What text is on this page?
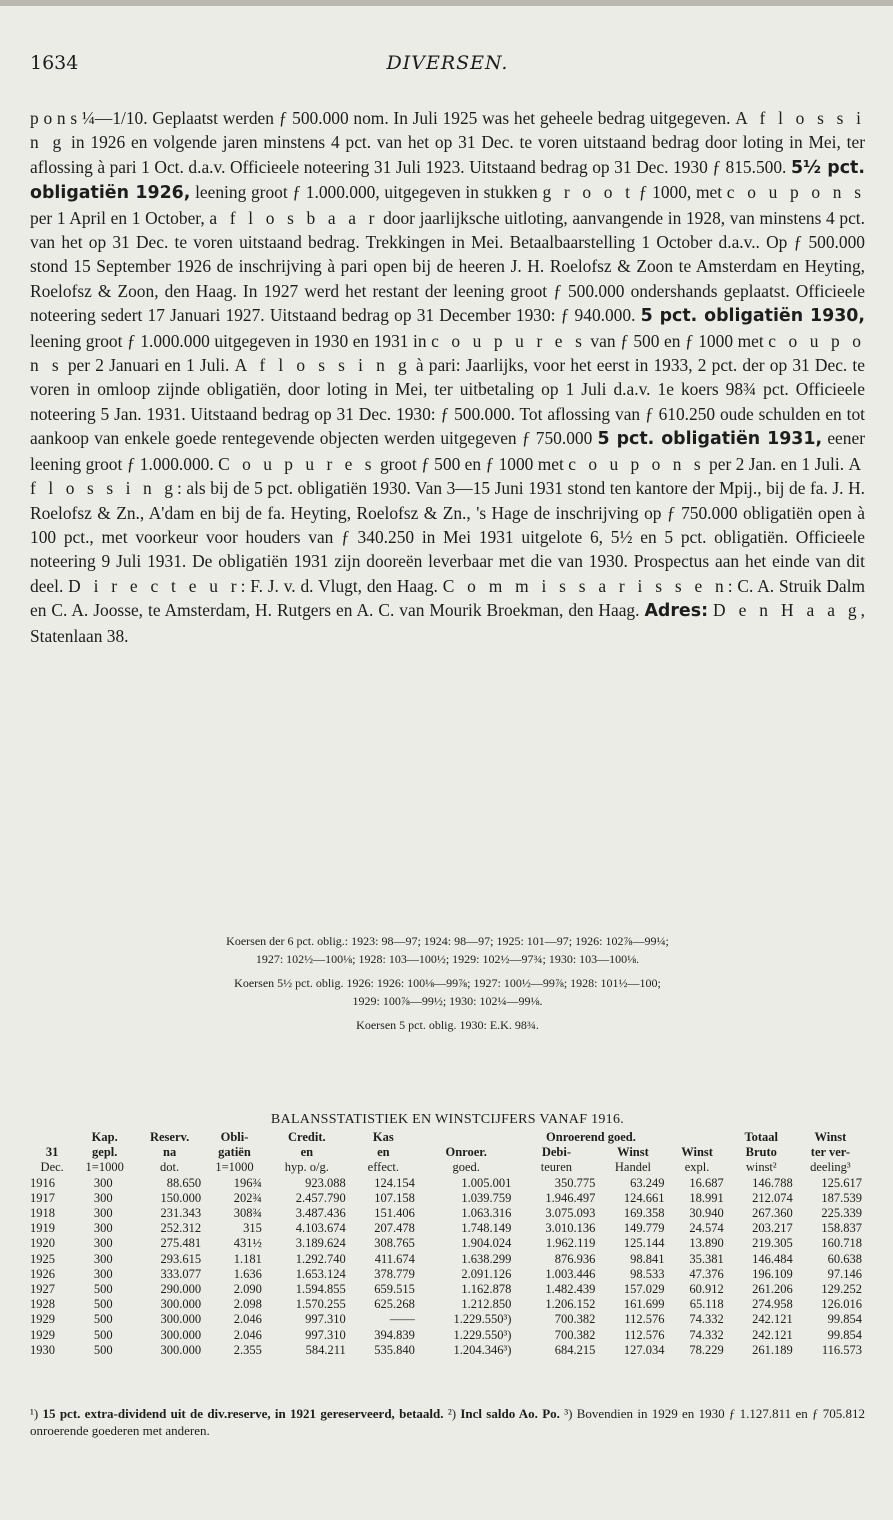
1634	DIVERSEN.
p o n s ¼—1/10. Geplaatst werden ƒ 500.000 nom. In Juli 1925 was het geheele bedrag uitgegeven. A f l o s s i n g in 1926 en volgende jaren minstens 4 pct. van het op 31 Dec. te voren uitstaand bedrag door loting in Mei, ter aflossing à pari 1 Oct. d.a.v. Officieele noteering 31 Juli 1923. Uitstaand bedrag op 31 Dec. 1930 ƒ 815.500. 5½ pct. obligatiën 1926, leening groot ƒ 1.000.000, uitgegeven in stukken g r o o t ƒ 1000, met c o u p o n s per 1 April en 1 October, a f l o s b a a r door jaarlijksche uitloting, aanvangende in 1928, van minstens 4 pct. van het op 31 Dec. te voren uitstaand bedrag. Trekkingen in Mei. Betaalbaarstelling 1 October d.a.v.. Op ƒ 500.000 stond 15 September 1926 de inschrijving à pari open bij de heeren J. H. Roelofsz & Zoon te Amsterdam en Heyting, Roelofsz & Zoon, den Haag. In 1927 werd het restant der leening groot ƒ 500.000 ondershands geplaatst. Officieele noteering sedert 17 Januari 1927. Uitstaand bedrag op 31 December 1930: ƒ 940.000. 5 pct. obligatiën 1930, leening groot ƒ 1.000.000 uitgegeven in 1930 en 1931 in c o u p u r e s van ƒ 500 en ƒ 1000 met c o u p o n s per 2 Januari en 1 Juli. A f l o s s i n g à pari: Jaarlijks, voor het eerst in 1933, 2 pct. der op 31 Dec. te voren in omloop zijnde obligatiën, door loting in Mei, ter uitbetaling op 1 Juli d.a.v. 1e koers 98¾ pct. Officieele noteering 5 Jan. 1931. Uitstaand bedrag op 31 Dec. 1930: ƒ 500.000. Tot aflossing van ƒ 610.250 oude schulden en tot aankoop van enkele goede rentegevende objecten werden uitgegeven ƒ 750.000 5 pct. obligatiën 1931, eener leening groot ƒ 1.000.000. C o u p u r e s groot ƒ 500 en ƒ 1000 met c o u p o n s per 2 Jan. en 1 Juli. A f l o s s i n g: als bij de 5 pct. obligatiën 1930. Van 3—15 Juni 1931 stond ten kantore der Mpij., bij de fa. J. H. Roelofsz & Zn., A'dam en bij de fa. Heyting, Roelofsz & Zn., 's Hage de inschrijving op ƒ 750.000 obligatiën open à 100 pct., met voorkeur voor houders van ƒ 340.250 in Mei 1931 uitgelote 6, 5½ en 5 pct. obligatiën. Officieele noteering 9 Juli 1931. De obligatiën 1931 zijn dooreën leverbaar met die van 1930. Prospectus aan het einde van dit deel. D i r e c t e u r: F. J. v. d. Vlugt, den Haag. C o m m i s s a r i s s e n: C. A. Struik Dalm en C. A. Joosse, te Amsterdam, H. Rutgers en A. C. van Mourik Broekman, den Haag. Adres: D e n H a a g, Statenlaan 38.
Koersen der 6 pct. oblig.: 1923: 98—97; 1924: 98—97; 1925: 101—97; 1926: 102⅞—99¼;
1927: 102½—100⅛; 1928: 103—100½; 1929: 102½—97¾; 1930: 103—100⅛.
Koersen 5½ pct. oblig. 1926: 1926: 100⅛—99⅞; 1927: 100½—99⅞; 1928: 101½—100;
1929: 100⅞—99½; 1930: 102¼—99⅛.
Koersen 5 pct. oblig. 1930: E.K. 98¾.
BALANSSTATISTIEK EN WINSTCIJFERS VANAF 1916.
	Kap.	Reserv.	Obli-	Credit.	Kas		Onroerend goed.			Totaal	Winst
31	gepl.	na	gatiën	en	en	Onroer.	Debi-	Winst	Winst	Bruto	ter ver-
Dec.	1=1000	dot.	1=1000	hyp. o/g.	effect.	goed.	teuren	Handel	expl.	winst²	deeling³
1916	300	88.650	196¾	923.088	124.154	1.005.001	350.775	63.249	16.687	146.788	125.617
1917	300	150.000	202¾	2.457.790	107.158	1.039.759	1.946.497	124.661	18.991	212.074	187.539
1918	300	231.343	308¾	3.487.436	151.406	1.063.316	3.075.093	169.358	30.940	267.360	225.339
1919	300	252.312	315	4.103.674	207.478	1.748.149	3.010.136	149.779	24.574	203.217	158.837
1920	300	275.481	431½	3.189.624	308.765	1.904.024	1.962.119	125.144	13.890	219.305	160.718
1925	300	293.615	1.181	1.292.740	411.674	1.638.299	876.936	98.841	35.381	146.484	60.638
1926	300	333.077	1.636	1.653.124	378.779	2.091.126	1.003.446	98.533	47.376	196.109	97.146
1927	500	290.000	2.090	1.594.855	659.515	1.162.878	1.482.439	157.029	60.912	261.206	129.252
1928	500	300.000	2.098	1.570.255	625.268	1.212.850	1.206.152	161.699	65.118	274.958	126.016
1929	500	300.000	2.046	997.310	——	1.229.550³)	700.382	112.576	74.332	242.121	99.854
1929	500	300.000	2.046	997.310	394.839	1.229.550³)	700.382	112.576	74.332	242.121	99.854
1930	500	300.000	2.355	584.211	535.840	1.204.346³)	684.215	127.034	78.229	261.189	116.573
¹) 15 pct. extra-dividend uit de div.reserve, in 1921 gereserveerd, betaald. ²) Incl saldo Ao. Po. ³) Bovendien in 1929 en 1930 ƒ 1.127.811 en ƒ 705.812 onroerende goederen met anderen.
